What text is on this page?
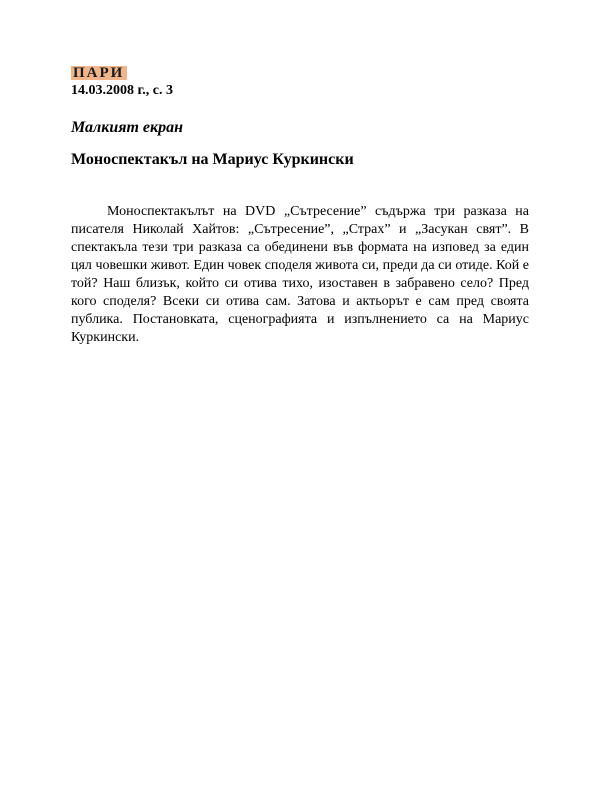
ПАРИ
14.03.2008 г., с. 3
Малкият екран
Моноспектакъл на Мариус Куркински

Моноспектакълът на DVD „Сътресение” съдържа три разказа на писателя Николай Хайтов: „Сътресение”, „Страх” и „Засукан свят”. В спектакъла тези три разказа са обединени във формата на изповед за един цял човешки живот. Един човек споделя живота си, преди да си отиде. Кой е той? Наш близък, който си отива тихо, изоставен в забравено село? Пред кого споделя? Всеки си отива сам. Затова и актьорът е сам пред своята публика. Постановката, сценографията и изпълнението са на Мариус Куркински.
